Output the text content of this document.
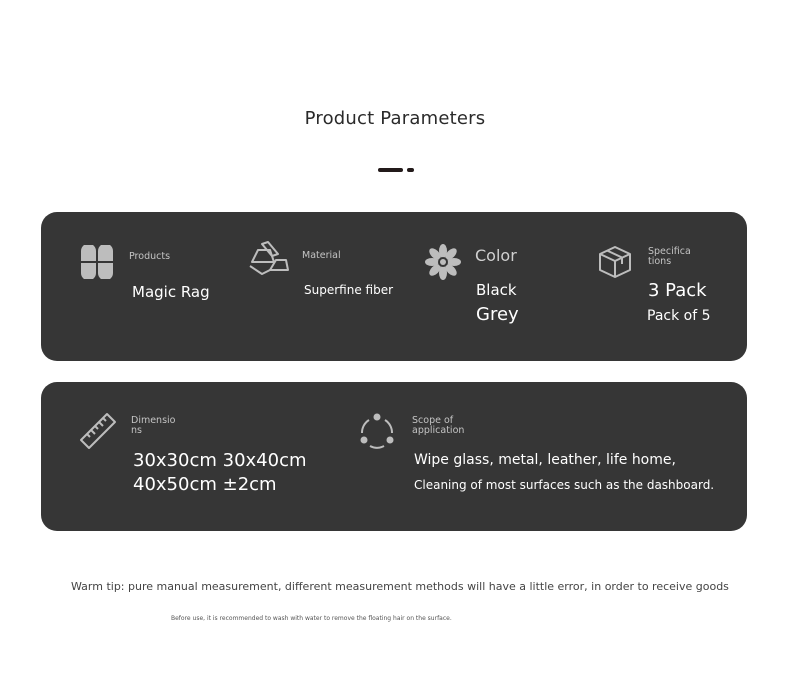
Product Parameters
Products
Magic Rag
Material
Superfine fiber
Color
Black
Grey
Specifica
tions
3 Pack
Pack of 5
Dimensio
ns
30x30cm 30x40cm
40x50cm ±2cm
Scope of
application
Wipe glass, metal, leather, life home,
Cleaning of most surfaces such as the dashboard.
Warm tip: pure manual measurement, different measurement methods will have a little error, in order to receive goods
Before use, it is recommended to wash with water to remove the floating hair on the surface.
